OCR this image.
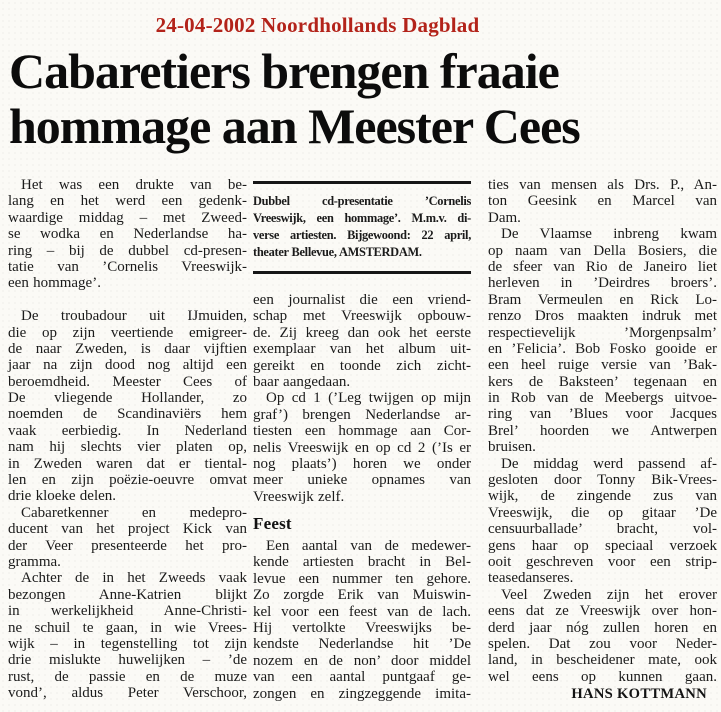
24-04-2002 Noordhollands Dagblad
Cabaretiers brengen fraaie
hommage aan Meester Cees
Het was een drukte van be-
lang en het werd een gedenk-
waardige middag – met Zweed-
se wodka en Nederlandse ha-
ring – bij de dubbel cd-presen-
tatie van ’Cornelis Vreeswijk-
een hommage’.
De troubadour uit IJmuiden,
die op zijn veertiende emigreer-
de naar Zweden, is daar vijftien
jaar na zijn dood nog altijd een
beroemdheid. Meester Cees of
De vliegende Hollander, zo
noemden de Scandinaviërs hem
vaak eerbiedig. In Nederland
nam hij slechts vier platen op,
in Zweden waren dat er tiental-
len en zijn poëzie-oeuvre omvat
drie kloeke delen.
Cabaretkenner en medepro-
ducent van het project Kick van
der Veer presenteerde het pro-
gramma.
Achter de in het Zweeds vaak
bezongen Anne-Katrien blijkt
in werkelijkheid Anne-Christi-
ne schuil te gaan, in wie Vrees-
wijk – in tegenstelling tot zijn
drie mislukte huwelijken – ’de
rust, de passie en de muze
vond’, aldus Peter Verschoor,
Dubbel cd-presentatie ’Cornelis
Vreeswijk, een hommage’. M.m.v. di-
verse artiesten. Bijgewoond: 22 april,
theater Bellevue, AMSTERDAM.
een journalist die een vriend-
schap met Vreeswijk opbouw-
de. Zij kreeg dan ook het eerste
exemplaar van het album uit-
gereikt en toonde zich zicht-
baar aangedaan.
Op cd 1 (’Leg twijgen op mijn
graf’) brengen Nederlandse ar-
tiesten een hommage aan Cor-
nelis Vreeswijk en op cd 2 (’Is er
nog plaats’) horen we onder
meer unieke opnames van
Vreeswijk zelf.
Feest
Een aantal van de medewer-
kende artiesten bracht in Bel-
levue een nummer ten gehore.
Zo zorgde Erik van Muiswin-
kel voor een feest van de lach.
Hij vertolkte Vreeswijks be-
kendste Nederlandse hit ’De
nozem en de non’ door middel
van een aantal puntgaaf ge-
zongen en zingzeggende imita-
ties van mensen als Drs. P., An-
ton Geesink en Marcel van
Dam.
De Vlaamse inbreng kwam
op naam van Della Bosiers, die
de sfeer van Rio de Janeiro liet
herleven in ’Deirdres broers’.
Bram Vermeulen en Rick Lo-
renzo Dros maakten indruk met
respectievelijk ’Morgenpsalm’
en ’Felicia’. Bob Fosko gooide er
een heel ruige versie van ’Bak-
kers de Baksteen’ tegenaan en
in Rob van de Meebergs uitvoe-
ring van ’Blues voor Jacques
Brel’ hoorden we Antwerpen
bruisen.
De middag werd passend af-
gesloten door Tonny Bik-Vrees-
wijk, de zingende zus van
Vreeswijk, die op gitaar ’De
censuurballade’ bracht, vol-
gens haar op speciaal verzoek
ooit geschreven voor een strip-
teasedanseres.
Veel Zweden zijn het erover
eens dat ze Vreeswijk over hon-
derd jaar nóg zullen horen en
spelen. Dat zou voor Neder-
land, in bescheidener mate, ook
wel eens op kunnen gaan.
HANS KOTTMANN
